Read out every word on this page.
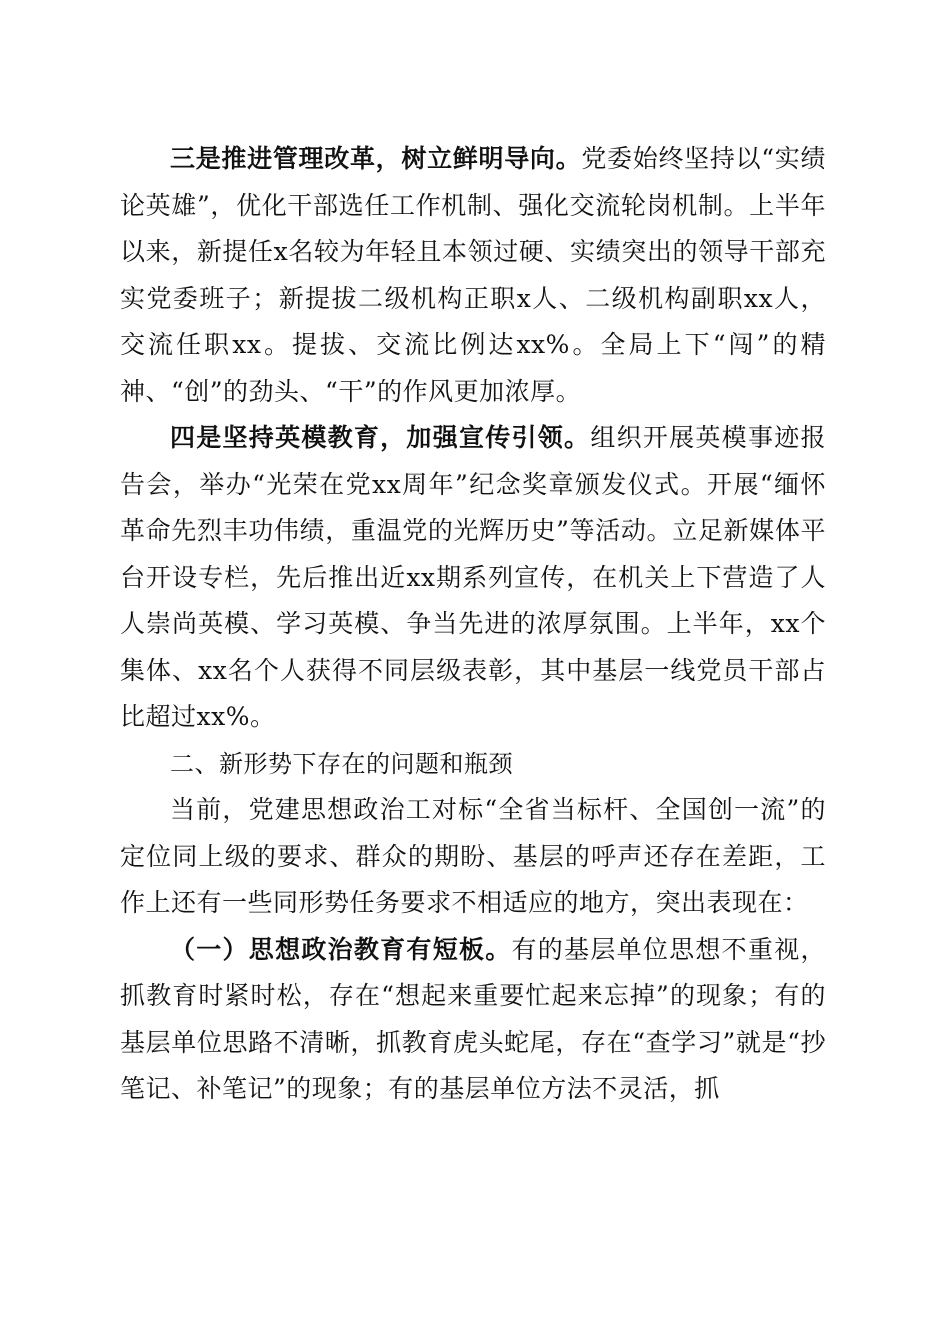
三是推进管理改革，树立鲜明导向。党委始终坚持以“实绩论英雄”，优化干部选任工作机制、强化交流轮岗机制。上半年以来，新提任x名较为年轻且本领过硬、实绩突出的领导干部充实党委班子；新提拔二级机构正职x人、二级机构副职xx人，交流任职xx。提拔、交流比例达xx%。全局上下“闯”的精神、“创”的劲头、“干”的作风更加浓厚。

四是坚持英模教育，加强宣传引领。组织开展英模事迹报告会，举办“光荣在党xx周年”纪念奖章颁发仪式。开展“缅怀革命先烈丰功伟绩，重温党的光辉历史”等活动。立足新媒体平台开设专栏，先后推出近xx期系列宣传，在机关上下营造了人人崇尚英模、学习英模、争当先进的浓厚氛围。上半年，xx个集体、xx名个人获得不同层级表彰，其中基层一线党员干部占比超过xx%。

二、新形势下存在的问题和瓶颈

当前，党建思想政治工对标“全省当标杆、全国创一流”的定位同上级的要求、群众的期盼、基层的呼声还存在差距，工作上还有一些同形势任务要求不相适应的地方，突出表现在：

（一）思想政治教育有短板。有的基层单位思想不重视，抓教育时紧时松，存在“想起来重要忙起来忘掉”的现象；有的基层单位思路不清晰，抓教育虎头蛇尾，存在“查学习”就是“抄笔记、补笔记”的现象；有的基层单位方法不灵活，抓
